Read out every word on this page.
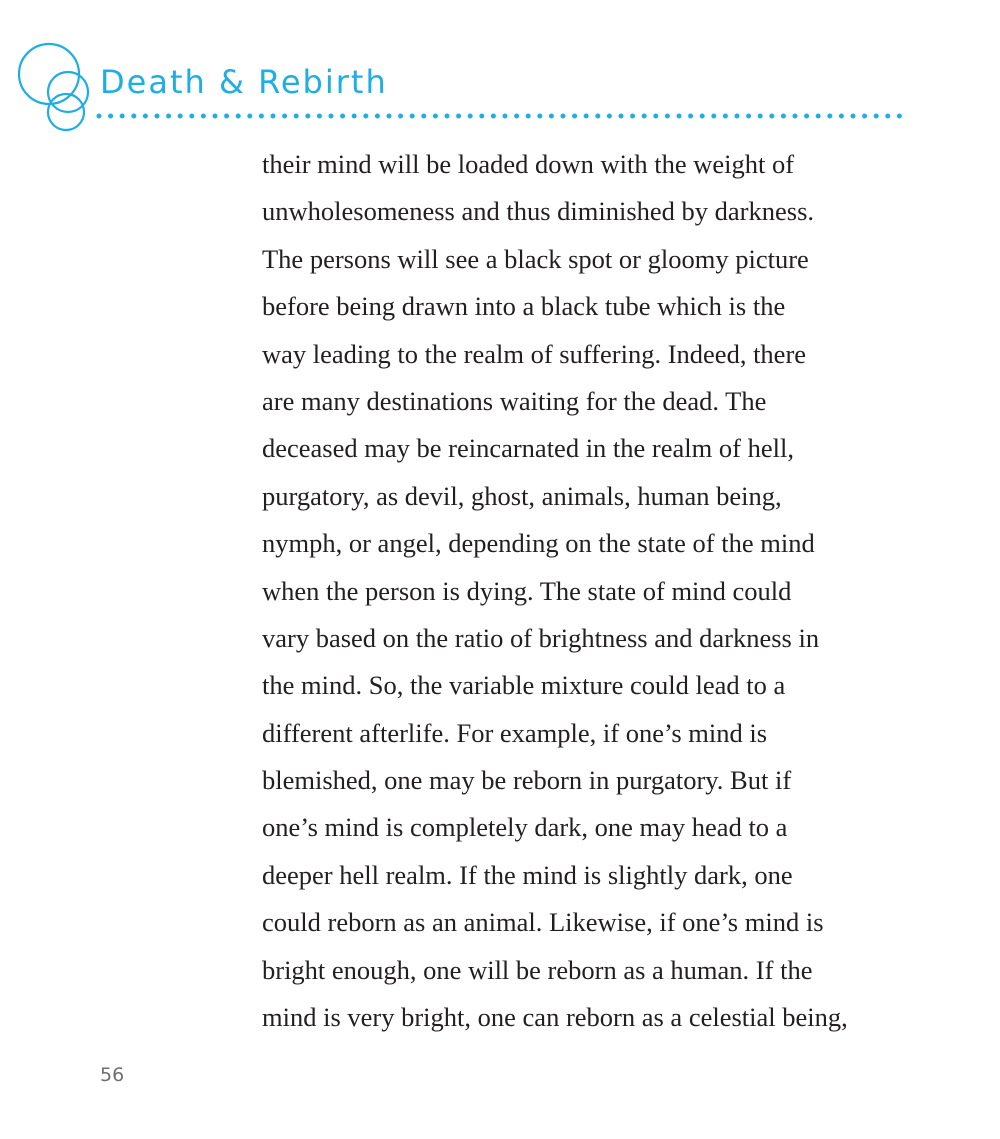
Death & Rebirth
their mind will be loaded down with the weight of
unwholesomeness and thus diminished by darkness.
The persons will see a black spot or gloomy picture
before being drawn into a black tube which is the
way leading to the realm of suffering. Indeed, there
are many destinations waiting for the dead. The
deceased may be reincarnated in the realm of hell,
purgatory, as devil, ghost, animals, human being,
nymph, or angel, depending on the state of the mind
when the person is dying. The state of mind could
vary based on the ratio of brightness and darkness in
the mind. So, the variable mixture could lead to a
different afterlife. For example, if one’s mind is
blemished, one may be reborn in purgatory. But if
one’s mind is completely dark, one may head to a
deeper hell realm. If the mind is slightly dark, one
could reborn as an animal. Likewise, if one’s mind is
bright enough, one will be reborn as a human. If the
mind is very bright, one can reborn as a celestial being,
56
